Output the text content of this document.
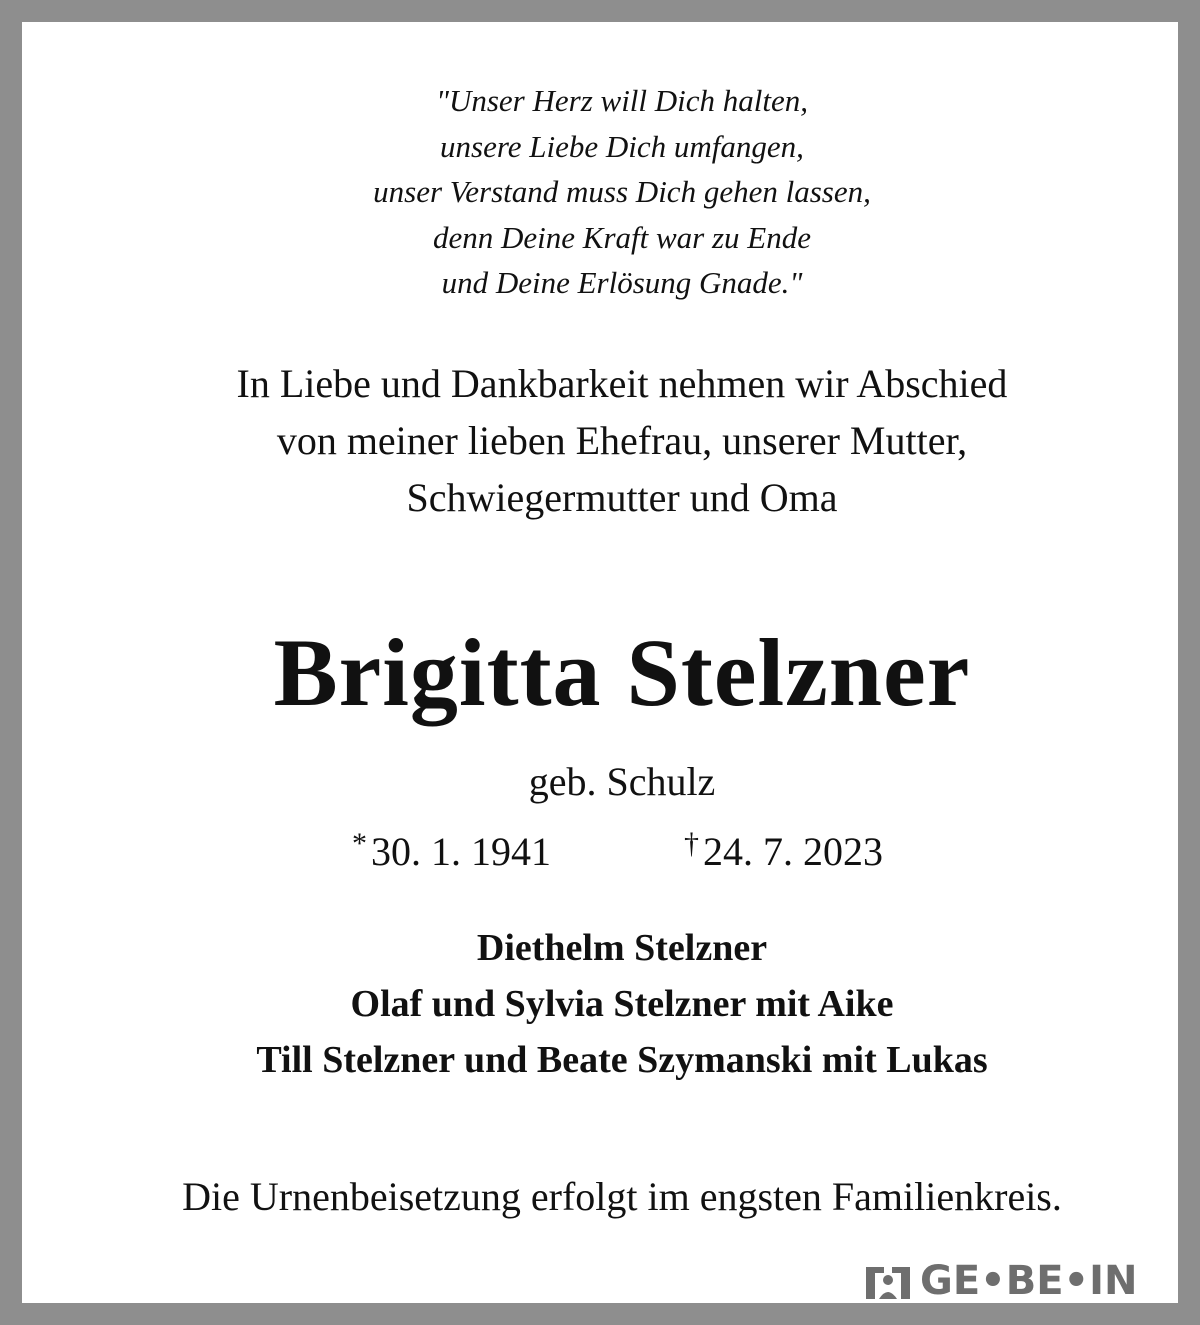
"Unser Herz will Dich halten,
unsere Liebe Dich umfangen,
unser Verstand muss Dich gehen lassen,
denn Deine Kraft war zu Ende
und Deine Erlösung Gnade."
In Liebe und Dankbarkeit nehmen wir Abschied
von meiner lieben Ehefrau, unserer Mutter,
Schwiegermutter und Oma
Brigitta Stelzner
geb. Schulz
* 30. 1. 1941	† 24. 7. 2023
Diethelm Stelzner
Olaf und Sylvia Stelzner mit Aike
Till Stelzner und Beate Szymanski mit Lukas
Die Urnenbeisetzung erfolgt im engsten Familienkreis.
GE•BE•IN
